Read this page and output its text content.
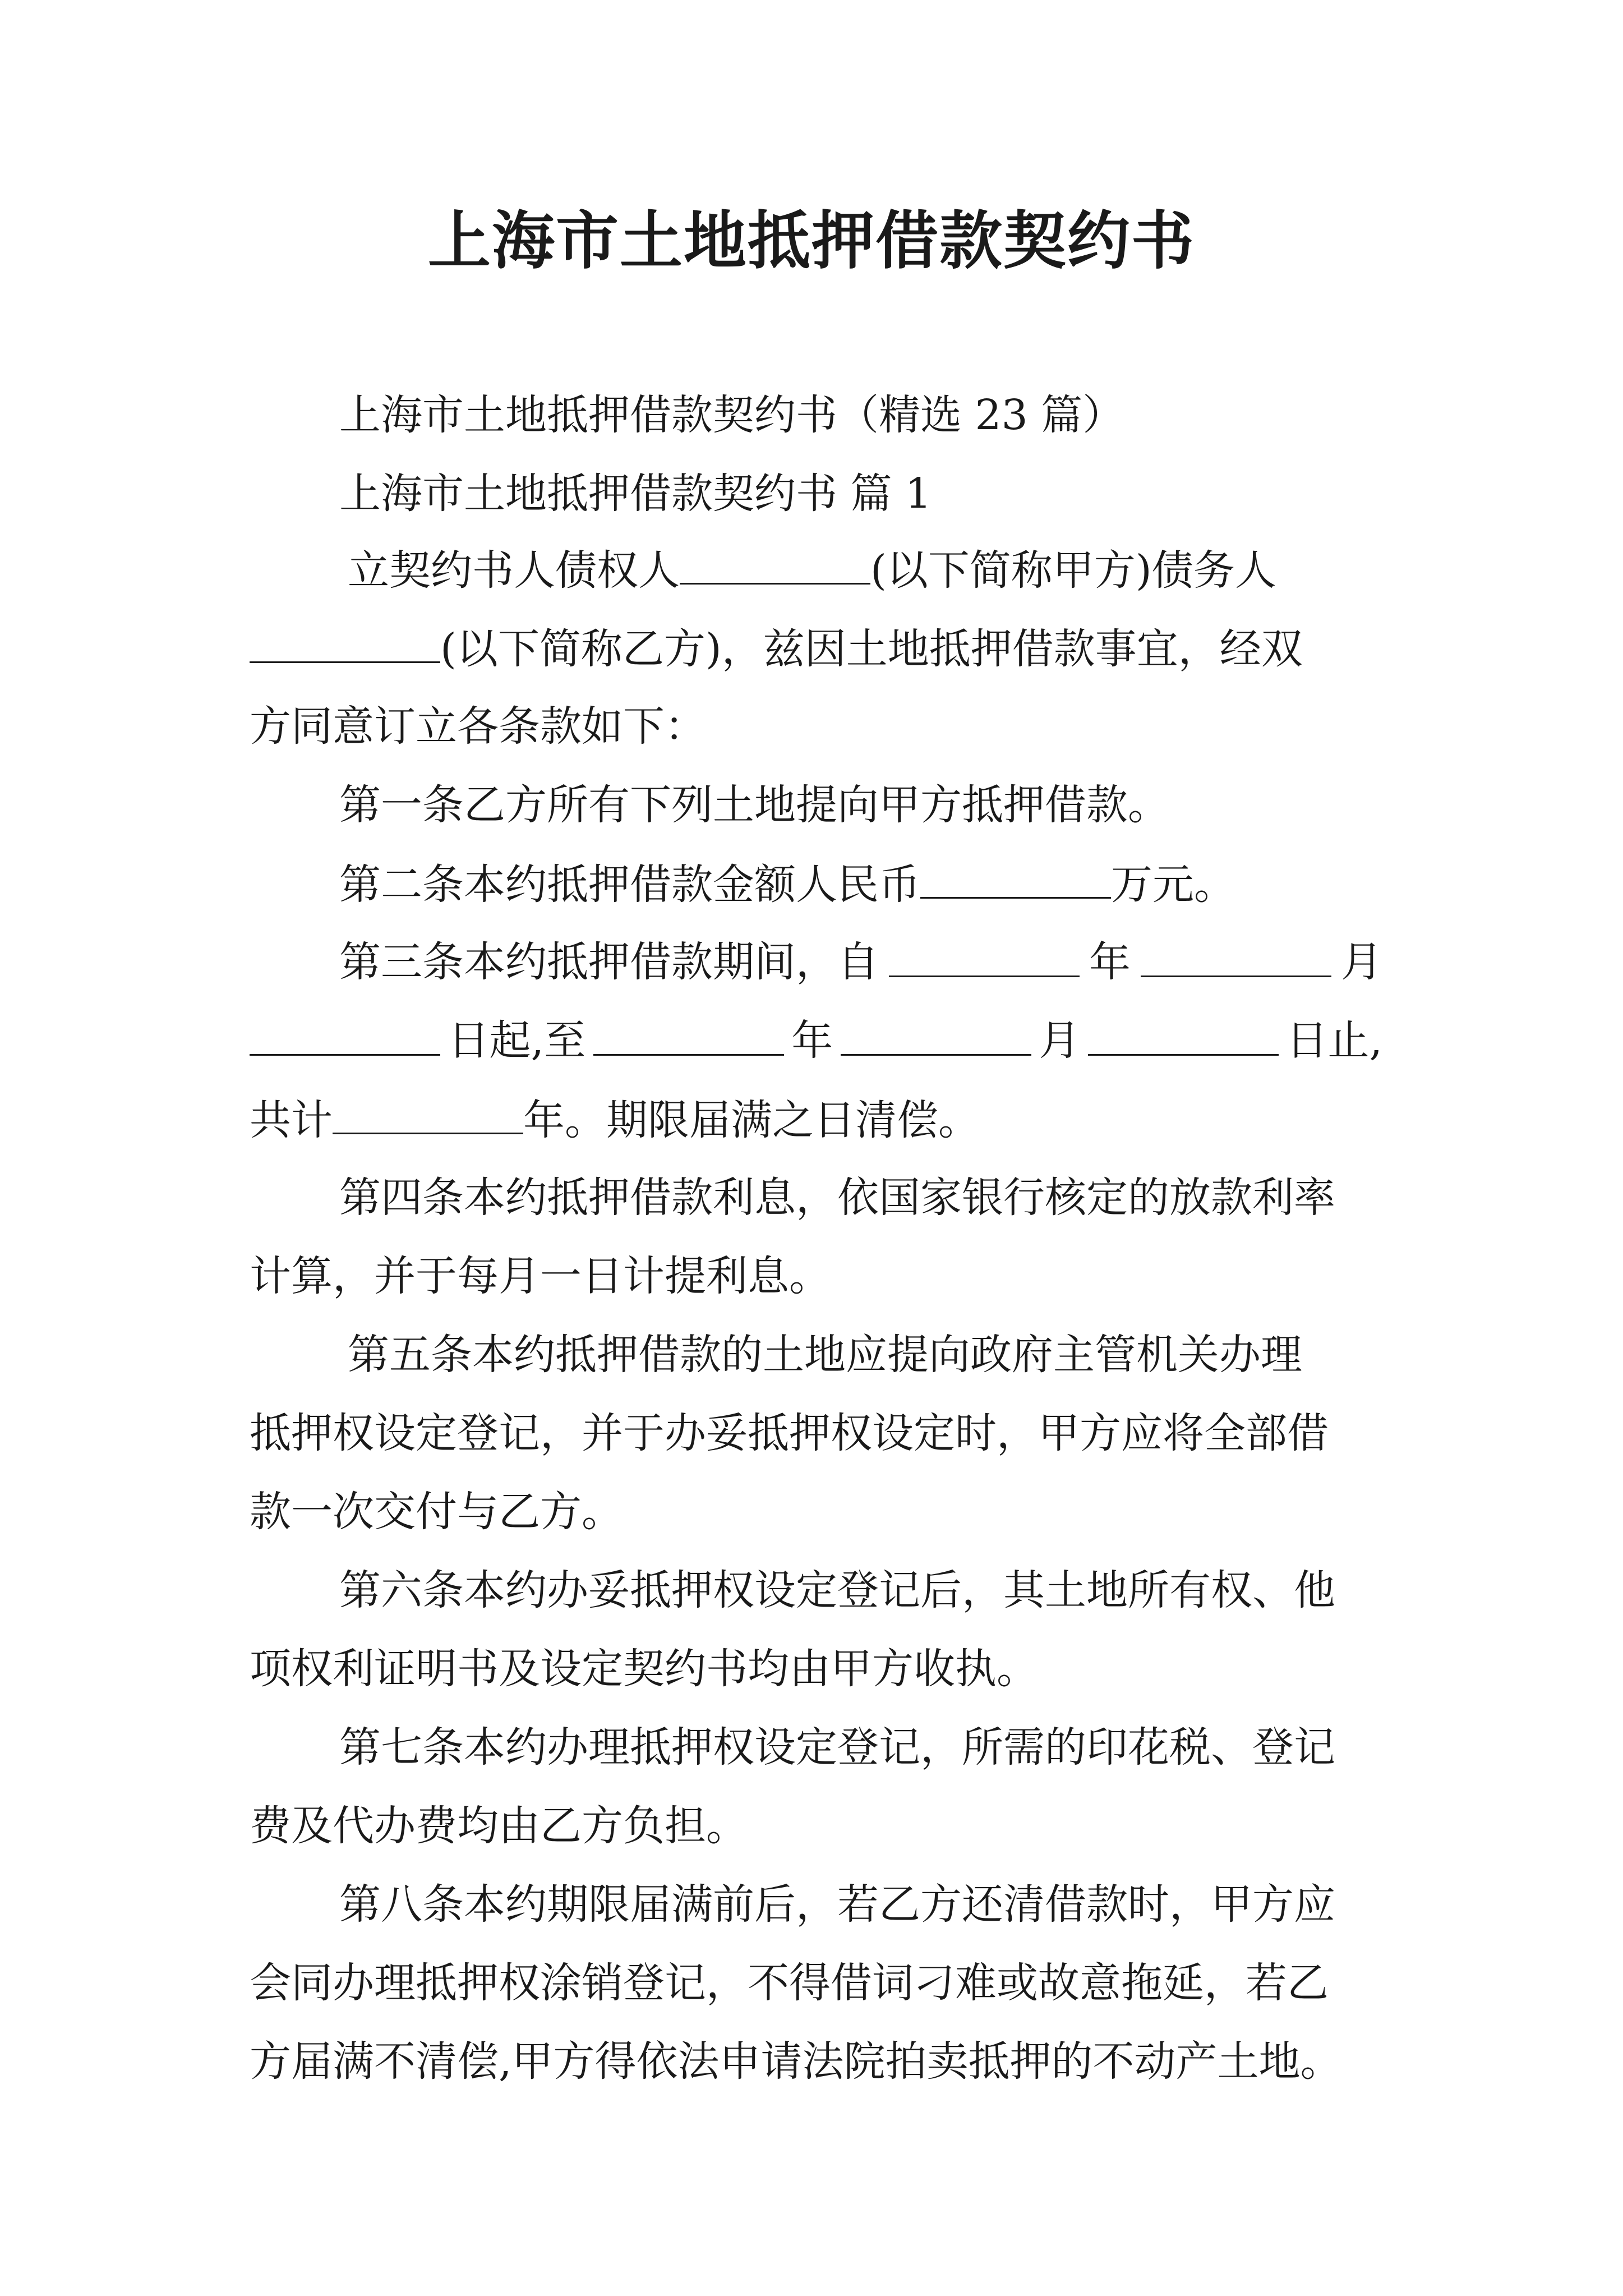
上海市土地抵押借款契约书
上海市土地抵押借款契约书（精选 23 篇）
上海市土地抵押借款契约书 篇 1
立契约书人债权人	(以下简称甲方)债务人
(以下简称乙方)，兹因土地抵押借款事宜，经双
方同意订立各条款如下：
第一条乙方所有下列土地提向甲方抵押借款。
第二条本约抵押借款金额人民币	万元。
第三条本约抵押借款期间，自	年	月
日起,至	年	月	日止,
共计	年。期限届满之日清偿。
第四条本约抵押借款利息，依国家银行核定的放款利率
计算，并于每月一日计提利息。
第五条本约抵押借款的土地应提向政府主管机关办理
抵押权设定登记，并于办妥抵押权设定时，甲方应将全部借
款一次交付与乙方。
第六条本约办妥抵押权设定登记后，其土地所有权、他
项权利证明书及设定契约书均由甲方收执。
第七条本约办理抵押权设定登记，所需的印花税、登记
费及代办费均由乙方负担。
第八条本约期限届满前后，若乙方还清借款时，甲方应
会同办理抵押权涂销登记，不得借词刁难或故意拖延，若乙
方届满不清偿,甲方得依法申请法院拍卖抵押的不动产土地。
